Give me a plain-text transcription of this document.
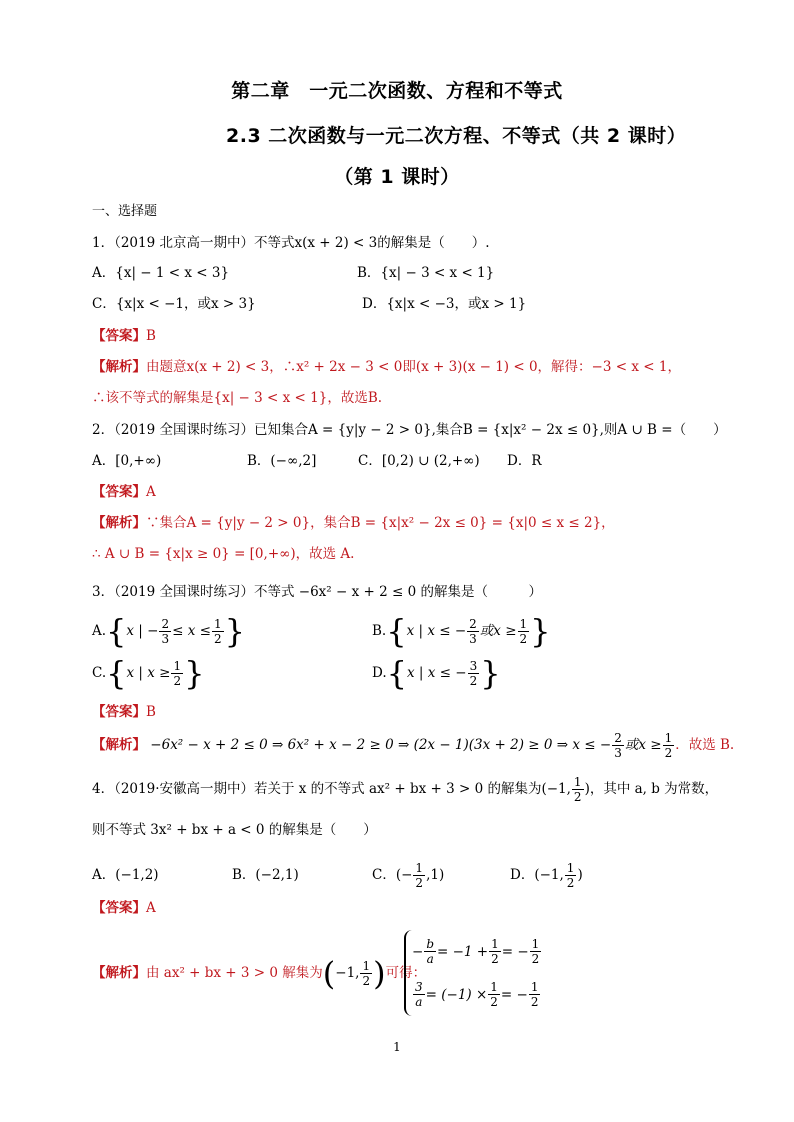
第二章　一元二次函数、方程和不等式
2.3 二次函数与一元二次方程、不等式（共 2 课时）
（第 1 课时）
一、选择题
1．（2019 北京高一期中）不等式x(x + 2) < 3的解集是（　　）.
A．{x| − 1 < x < 3}	B．{x| − 3 < x < 1}
C．{x|x < −1，或x > 3}	D．{x|x < −3，或x > 1}
【答案】B
【解析】由题意x(x + 2) < 3，∴x² + 2x − 3 < 0即(x + 3)(x − 1) < 0，解得：−3 < x < 1，
∴该不等式的解集是{x| − 3 < x < 1}，故选B.
2．（2019 全国课时练习）已知集合A = {y|y − 2 > 0},集合B = {x|x² − 2x ≤ 0},则A ∪ B =（　　）
A．[0,+∞)	B．(−∞,2]	C．[0,2) ∪ (2,+∞) D．R
【答案】A
【解析】∵集合A = {y|y − 2 > 0}，集合B = {x|x² − 2x ≤ 0} = {x|0 ≤ x ≤ 2}，
∴ A ∪ B = {x|x ≥ 0} = [0,+∞)，故选 A.
3．（2019 全国课时练习）不等式 −6x² − x + 2 ≤ 0 的解集是（　　　）
A.{x | − $\frac{2}{3} \le x \le \frac{1}{2}$ }	B.{x | x ≤ − $\frac{2}{3}$ 或$x \ge \frac{1}{2}$ }
C.{x | $x \ge \frac{1}{2}$ }	D.{x | x ≤ − $\frac{3}{2}$ }
【答案】B
【解析】 −6x² − x + 2 ≤ 0 ⇒ 6x² + x − 2 ≥ 0 ⇒ (2x − 1)(3x + 2) ≥ 0 ⇒ x ≤ − $\frac{2}{3}$ 或$x \ge \frac{1}{2}$ ．故选 B.
4．（2019·安徽高一期中）若关于 x 的不等式 ax² + bx + 3 > 0 的解集为(−1, $\frac{1}{2}$ )，其中 a, b 为常数，
则不等式 3x² + bx + a < 0 的解集是（　　）
A．(−1,2)	B．(−2,1)	C．(− $\frac{1}{2} ,1$)	D．(−1, $\frac{1}{2}$ )
【答案】A
【解析】由 ax² + bx + 3 > 0 解集为(−1, $\frac{1}{2}$ )可得：
− $\frac{b}{a} = -1 + \frac{1}{2}$ = − $\frac{1}{2}$
$\frac{3}{a} = (-1) \times \frac{1}{2}$ = − $\frac{1}{2}$
1
